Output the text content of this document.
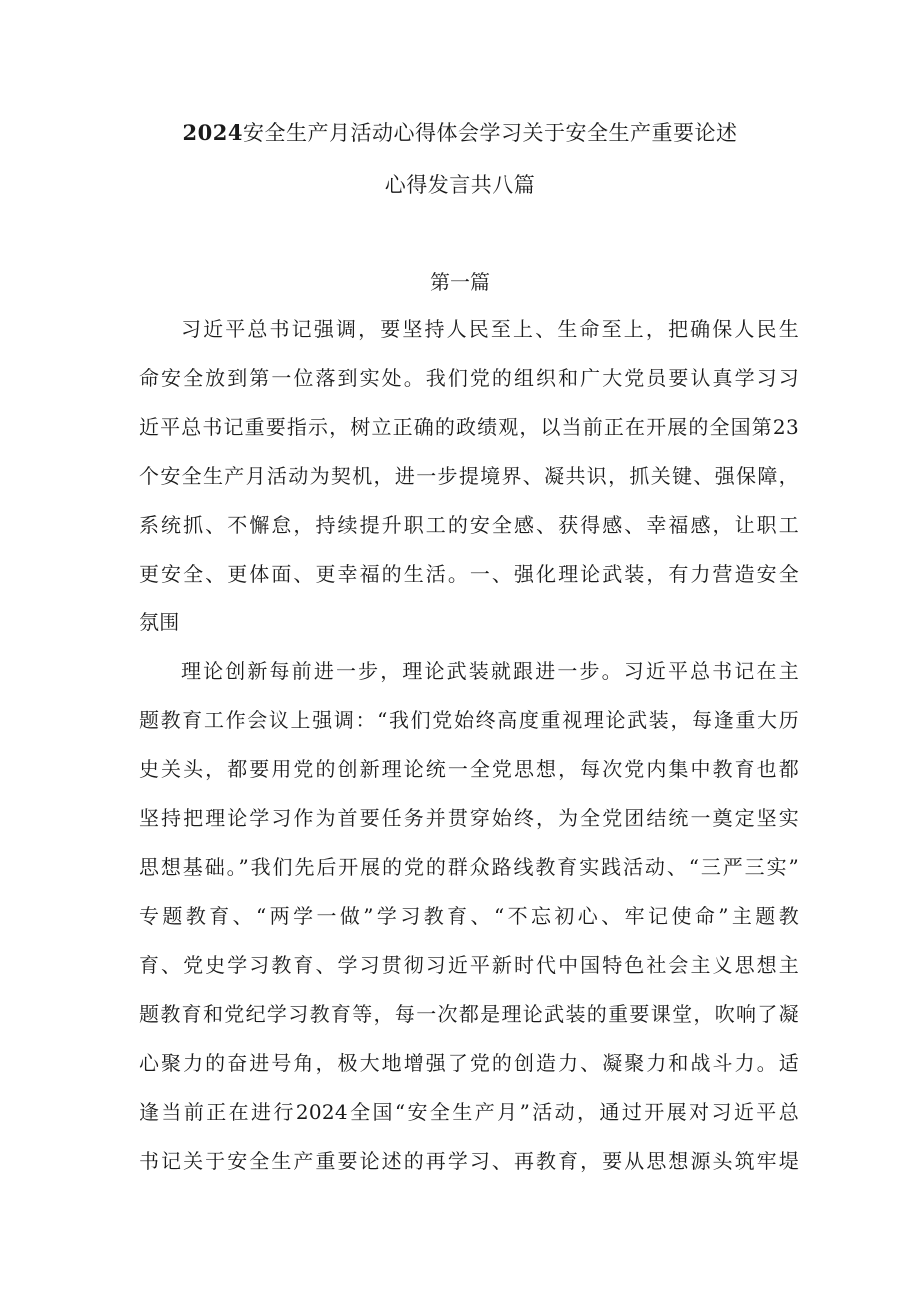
2024安全生产月活动心得体会学习关于安全生产重要论述
心得发言共八篇
第一篇
习近平总书记强调，要坚持人民至上、生命至上，把确保人民生
命安全放到第一位落到实处。我们党的组织和广大党员要认真学习习
近平总书记重要指示，树立正确的政绩观，以当前正在开展的全国第23
个安全生产月活动为契机，进一步提境界、凝共识，抓关键、强保障，
系统抓、不懈怠，持续提升职工的安全感、获得感、幸福感，让职工
更安全、更体面、更幸福的生活。一、强化理论武装，有力营造安全
氛围
理论创新每前进一步，理论武装就跟进一步。习近平总书记在主
题教育工作会议上强调：“我们党始终高度重视理论武装，每逢重大历
史关头，都要用党的创新理论统一全党思想，每次党内集中教育也都
坚持把理论学习作为首要任务并贯穿始终，为全党团结统一奠定坚实
思想基础。”我们先后开展的党的群众路线教育实践活动、“三严三实”
专题教育、“两学一做”学习教育、“不忘初心、牢记使命”主题教
育、党史学习教育、学习贯彻习近平新时代中国特色社会主义思想主
题教育和党纪学习教育等，每一次都是理论武装的重要课堂，吹响了凝
心聚力的奋进号角，极大地增强了党的创造力、凝聚力和战斗力。适
逢当前正在进行2024全国“安全生产月”活动，通过开展对习近平总
书记关于安全生产重要论述的再学习、再教育，要从思想源头筑牢堤
